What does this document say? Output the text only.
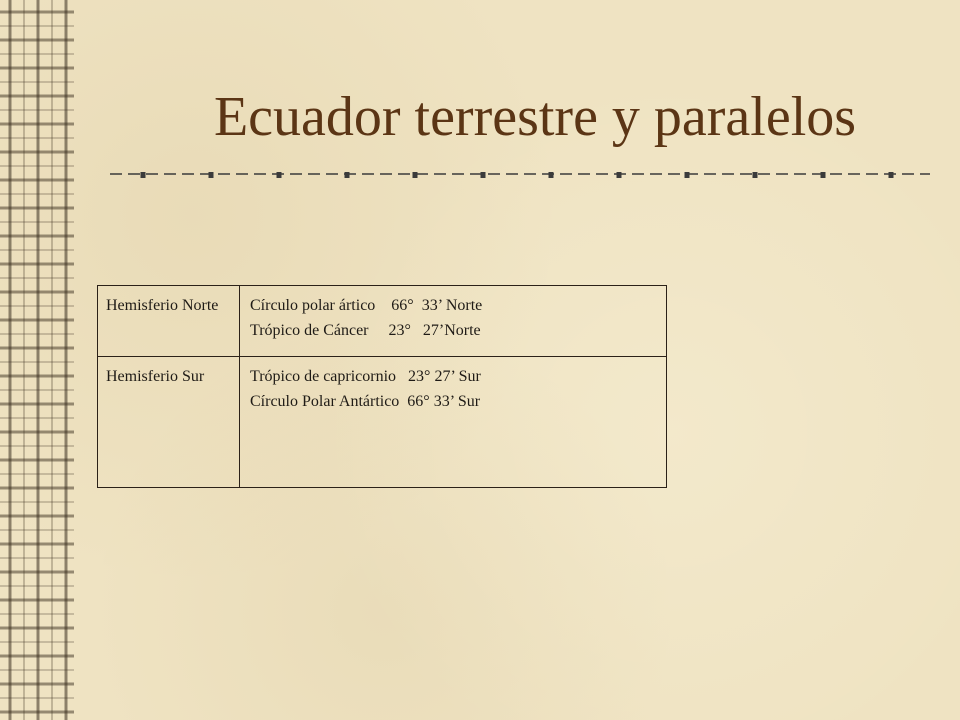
Ecuador terrestre y paralelos
Hemisferio Norte	Círculo polar ártico    66°  33’ Norte
Trópico de Cáncer     23°   27’Norte
Hemisferio Sur	Trópico de capricornio   23° 27’ Sur
Círculo Polar Antártico  66° 33’ Sur
